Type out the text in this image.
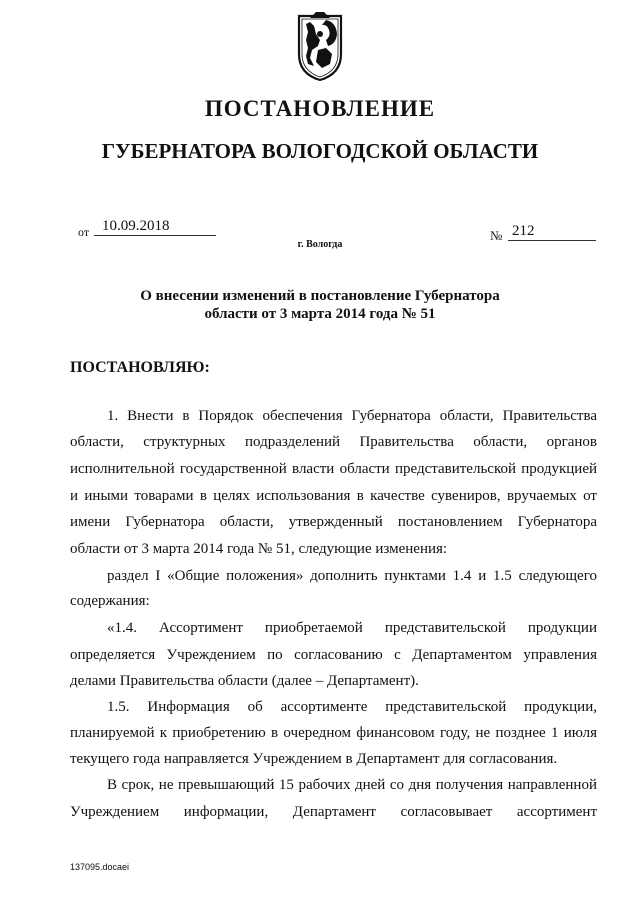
ПОСТАНОВЛЕНИЕ
ГУБЕРНАТОРА ВОЛОГОДСКОЙ ОБЛАСТИ
от 10.09.2018
№ 212
г. Вологда
О внесении изменений в постановление Губернатора
области от 3 марта 2014 года № 51
ПОСТАНОВЛЯЮ:
1. Внести в Порядок обеспечения Губернатора области, Правительства
области, структурных подразделений Правительства области, органов
исполнительной государственной власти области представительской продукцией
и иными товарами в целях использования в качестве сувениров, вручаемых от
имени Губернатора области, утвержденный постановлением Губернатора
области от 3 марта 2014 года № 51, следующие изменения:
раздел I «Общие положения» дополнить пунктами 1.4 и 1.5 следующего
содержания:
«1.4. Ассортимент приобретаемой представительской продукции
определяется Учреждением по согласованию с Департаментом управления
делами Правительства области (далее – Департамент).
1.5. Информация об ассортименте представительской продукции,
планируемой к приобретению в очередном финансовом году, не позднее 1 июля
текущего года направляется Учреждением в Департамент для согласования.
В срок, не превышающий 15 рабочих дней со дня получения направленной
Учреждением информации, Департамент согласовывает ассортимент
137095.docaei
